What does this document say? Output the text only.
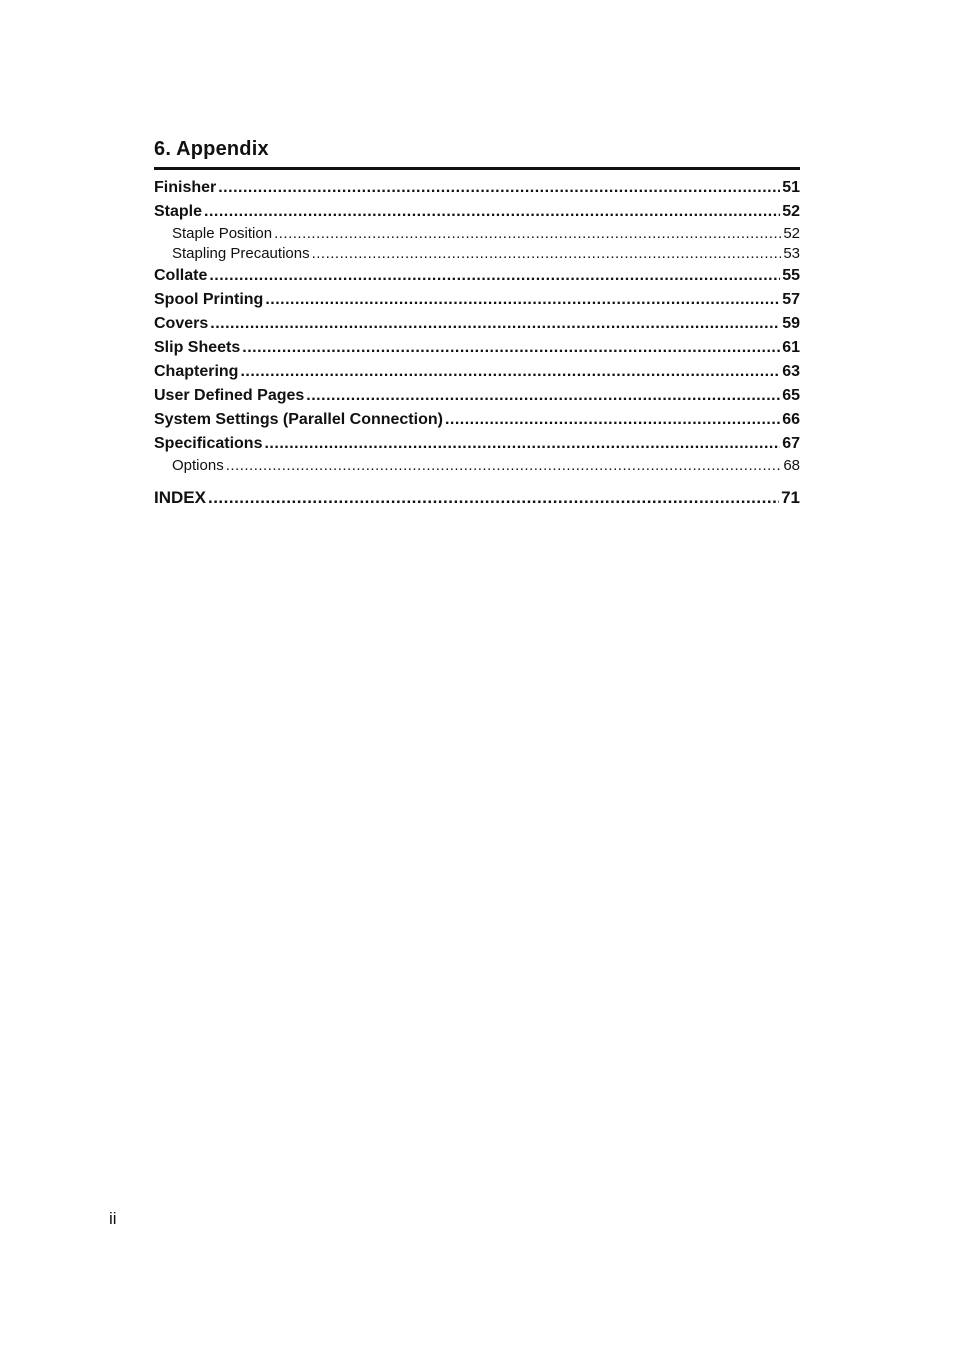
6. Appendix
Finisher .....	51
Staple .....	52
Staple Position .....	52
Stapling Precautions .....	53
Collate .....	55
Spool Printing .....	57
Covers .....	59
Slip Sheets .....	61
Chaptering .....	63
User Defined Pages .....	65
System Settings (Parallel Connection) .....	66
Specifications .....	67
Options .....	68
INDEX .....	71
ii
